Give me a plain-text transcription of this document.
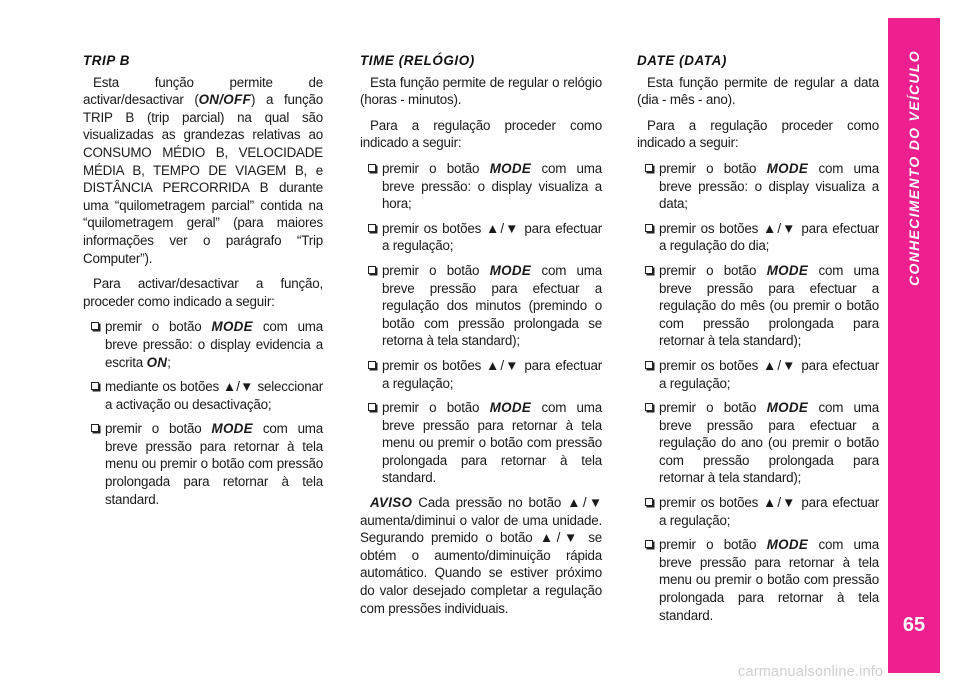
TRIP B

Esta função permite de activar/desactivar (ON/OFF) a função TRIP B (trip parcial) na qual são visualizadas as grandezas relativas ao CONSUMO MÉDIO B, VELOCIDADE MÉDIA B, TEMPO DE VIAGEM B, e DISTÂNCIA PERCORRIDA B durante uma “quilometragem parcial” contida na “quilometragem geral” (para maiores informações ver o parágrafo “Trip Computer”).

Para activar/desactivar a função, proceder como indicado a seguir:

premir o botão MODE com uma breve pressão: o display evidencia a escrita ON;
mediante os botões ▲/▼ seleccionar a activação ou desactivação;
premir o botão MODE com uma breve pressão para retornar à tela menu ou premir o botão com pressão prolongada para retornar à tela standard.
TIME (RELÓGIO)

Esta função permite de regular o relógio (horas - minutos).

Para a regulação proceder como indicado a seguir:

premir o botão MODE com uma breve pressão: o display visualiza a hora;
premir os botões ▲/▼ para efectuar a regulação;
premir o botão MODE com uma breve pressão para efectuar a regulação dos minutos (premindo o botão com pressão prolongada se retorna à tela standard);
premir os botões ▲/▼ para efectuar a regulação;
premir o botão MODE com uma breve pressão para retornar à tela menu ou premir o botão com pressão prolongada para retornar à tela standard.

AVISO Cada pressão no botão ▲/▼ aumenta/diminui o valor de uma unidade. Segurando premido o botão ▲/▼ se obtém o aumento/diminuição rápida automático. Quando se estiver próximo do valor desejado completar a regulação com pressões individuais.

DATE (DATA)

Esta função permite de regular a data (dia - mês - ano).

Para a regulação proceder como indicado a seguir:

premir o botão MODE com uma breve pressão: o display visualiza a data;
premir os botões ▲/▼ para efectuar a regulação do dia;
premir o botão MODE com uma breve pressão para efectuar a regulação do mês (ou premir o botão com pressão prolongada para retornar à tela standard);
premir os botões ▲/▼ para efectuar a regulação;
premir o botão MODE com uma breve pressão para efectuar a regulação do ano (ou premir o botão com pressão prolongada para retornar à tela standard);
premir os botões ▲/▼ para efectuar a regulação;
premir o botão MODE com uma breve pressão para retornar à tela menu ou premir o botão com pressão prolongada para retornar à tela standard.
CONHECIMENTO DO VEÍCULO
65
carmanualsonline.info
